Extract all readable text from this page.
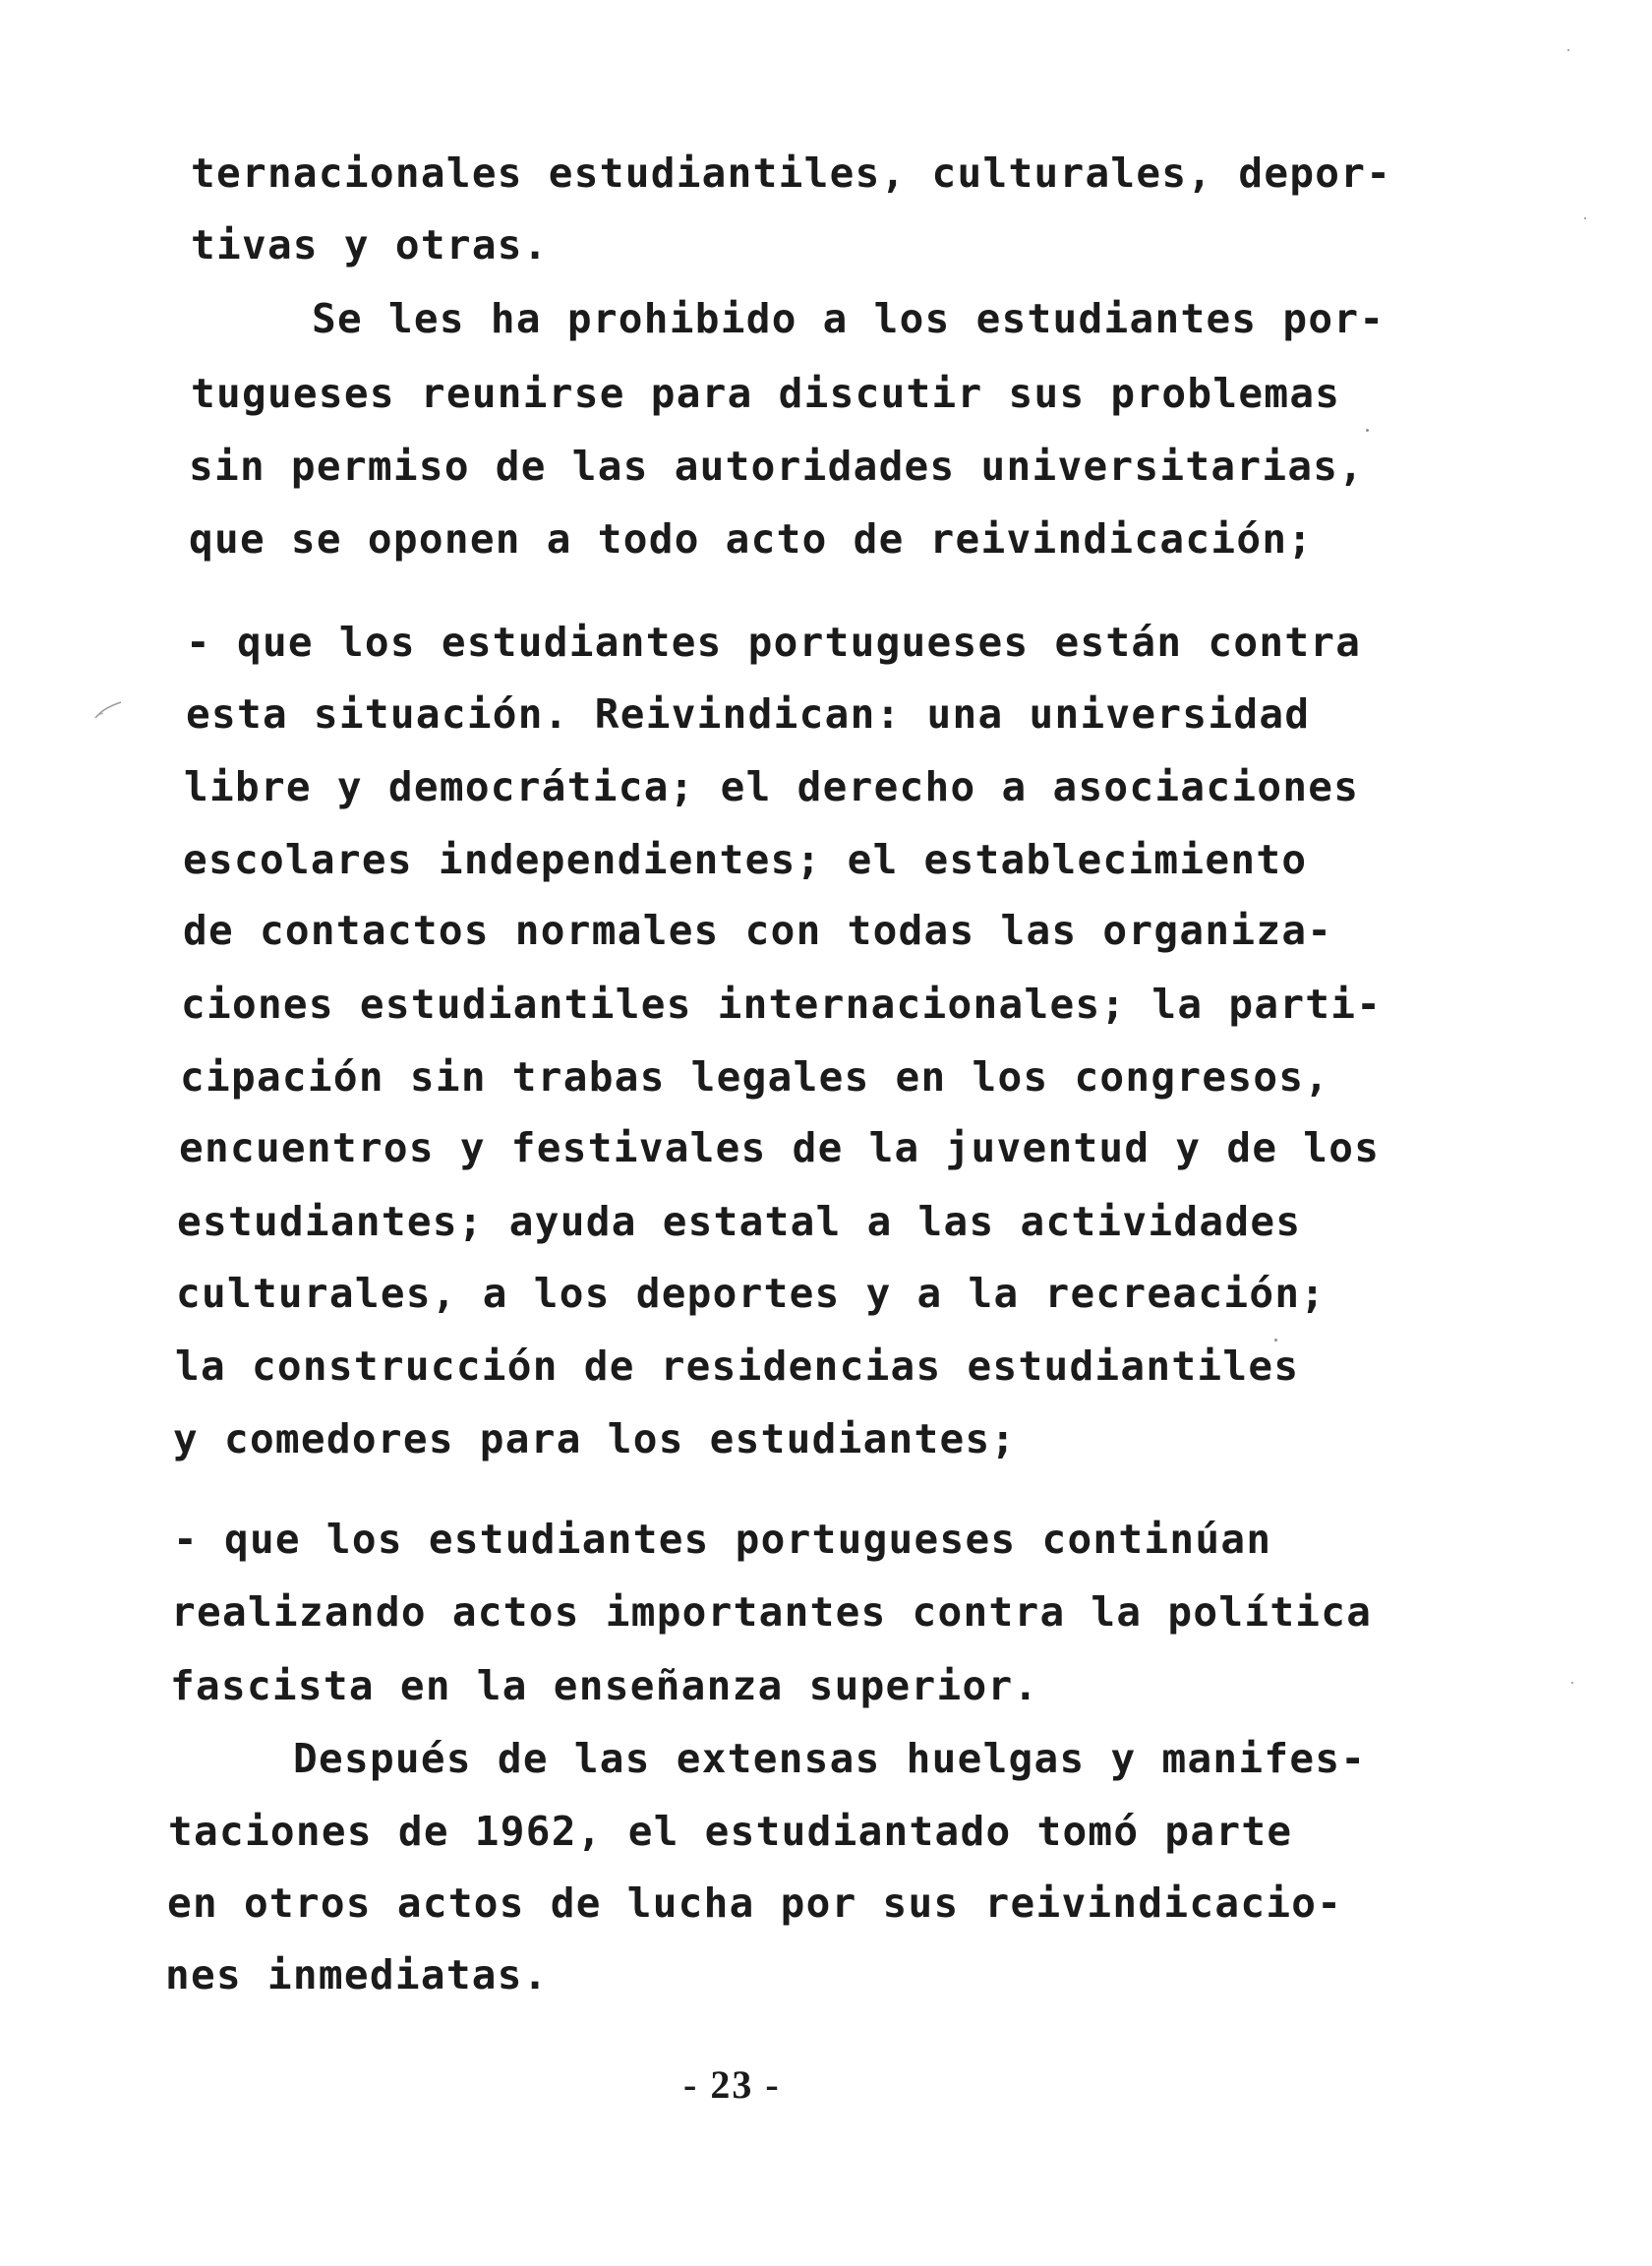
ternacionales estudiantiles, culturales, depor-
tivas y otras.
Se les ha prohibido a los estudiantes por-
tugueses reunirse para discutir sus problemas
sin permiso de las autoridades universitarias,
que se oponen a todo acto de reivindicación;
- que los estudiantes portugueses están contra
esta situación. Reivindican: una universidad
libre y democrática; el derecho a asociaciones
escolares independientes; el establecimiento
de contactos normales con todas las organiza-
ciones estudiantiles internacionales; la parti-
cipación sin trabas legales en los congresos,
encuentros y festivales de la juventud y de los
estudiantes; ayuda estatal a las actividades
culturales, a los deportes y a la recreación;
la construcción de residencias estudiantiles
y comedores para los estudiantes;
- que los estudiantes portugueses continúan
realizando actos importantes contra la política
fascista en la enseñanza superior.
Después de las extensas huelgas y manifes-
taciones de 1962, el estudiantado tomó parte
en otros actos de lucha por sus reivindicacio-
nes inmediatas.
- 23 -
